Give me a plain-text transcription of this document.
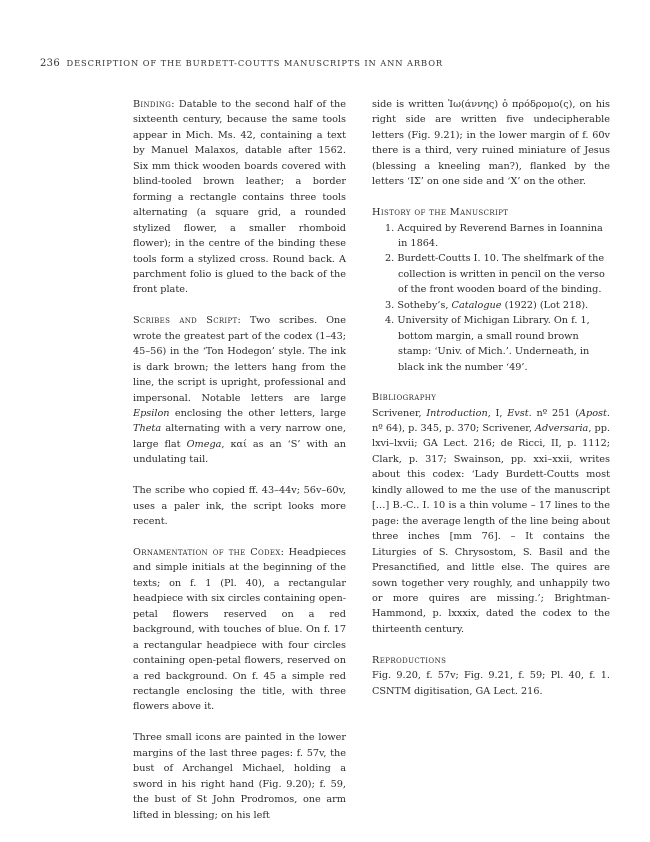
236 DESCRIPTION OF THE BURDETT-COUTTS MANUSCRIPTS IN ANN ARBOR

Binding: Datable to the second half of the sixteenth century, because the same tools appear in Mich. Ms. 42, containing a text by Manuel Malaxos, datable after 1562. Six mm thick wooden boards covered with blind-tooled brown leather; a border forming a rectangle contains three tools alternating (a square grid, a rounded stylized flower, a smaller rhomboid flower); in the centre of the binding these tools form a stylized cross. Round back. A parchment folio is glued to the back of the front plate.

Scribes and Script: Two scribes. One wrote the greatest part of the codex (1–43; 45–56) in the ‘Ton Hodegon’ style. The ink is dark brown; the letters hang from the line, the script is upright, professional and impersonal. Notable letters are large Epsilon enclosing the other letters, large Theta alternating with a very narrow one, large flat Omega, καί as an ‘S’ with an undulating tail.

The scribe who copied ff. 43–44v; 56v–60v, uses a paler ink, the script looks more recent.

Ornamentation of the Codex: Headpieces and simple initials at the beginning of the texts; on f. 1 (Pl. 40), a rectangular headpiece with six circles containing open-petal flowers reserved on a red background, with touches of blue. On f. 17 a rectangular headpiece with four circles containing open-petal flowers, reserved on a red background. On f. 45 a simple red rectangle enclosing the title, with three flowers above it.

Three small icons are painted in the lower margins of the last three pages: f. 57v, the bust of Archangel Michael, holding a sword in his right hand (Fig. 9.20); f. 59, the bust of St John Prodromos, one arm lifted in blessing; on his left

side is written Ἰω(άννης) ὁ πρόδρομο(ς), on his right side are written five undecipherable letters (Fig. 9.21); in the lower margin of f. 60v there is a third, very ruined miniature of Jesus (blessing a kneeling man?), flanked by the letters ‘IΣ’ on one side and ‘X’ on the other.

History of the Manuscript
1. Acquired by Reverend Barnes in Ioannina in 1864.
2. Burdett-Coutts I. 10. The shelfmark of the collection is written in pencil on the verso of the front wooden board of the binding.
3. Sotheby’s, Catalogue (1922) (Lot 218).
4. University of Michigan Library. On f. 1, bottom margin, a small round brown stamp: ‘Univ. of Mich.’. Underneath, in black ink the number ‘49’.
Bibliography

Scrivener, Introduction, I, Evst. nº 251 (Apost. nº 64), p. 345, p. 370; Scrivener, Adversaria, pp. lxvi–lxvii; GA Lect. 216; de Ricci, II, p. 1112; Clark, p. 317; Swainson, pp. xxi–xxii, writes about this codex: ‘Lady Burdett-Coutts most kindly allowed to me the use of the manuscript […] B.-C.. I. 10 is a thin volume – 17 lines to the page: the average length of the line being about three inches [mm 76]. – It contains the Liturgies of S. Chrysostom, S. Basil and the Presanctified, and little else. The quires are sown together very roughly, and unhappily two or more quires are missing.’; Brightman-Hammond, p. lxxxix, dated the codex to the thirteenth century.

Reproductions

Fig. 9.20, f. 57v; Fig. 9.21, f. 59; Pl. 40, f. 1. CSNTM digitisation, GA Lect. 216.
